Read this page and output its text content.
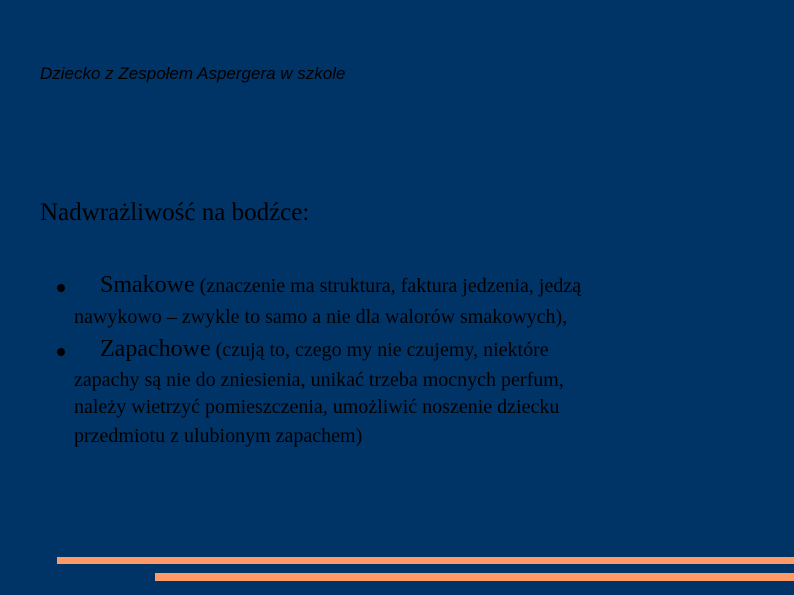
Dziecko z Zespołem Aspergera w szkole
Nadwrażliwość na bodźce:
Smakowe (znaczenie ma struktura, faktura jedzenia, jedzą
nawykowo – zwykle to samo a nie dla walorów smakowych),
Zapachowe (czują to, czego my nie czujemy, niektóre
zapachy są nie do zniesienia, unikać trzeba mocnych perfum,
należy wietrzyć pomieszczenia, umożliwić noszenie dziecku
przedmiotu z ulubionym zapachem)
